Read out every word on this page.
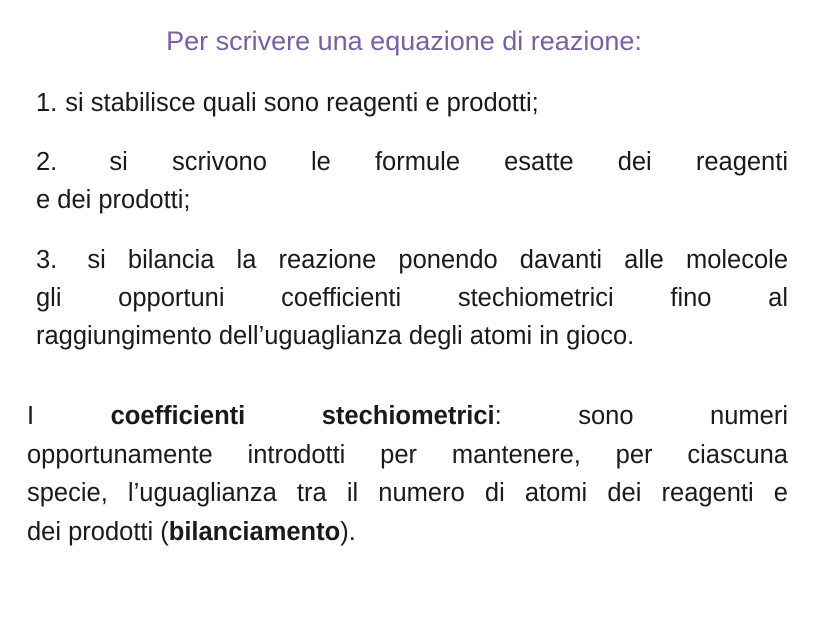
Per scrivere una equazione di reazione:
1. si stabilisce quali sono reagenti e prodotti;
2. si scrivono le formule esatte dei reagenti
e dei prodotti;
3. si bilancia la reazione ponendo davanti alle molecole
gli opportuni coefficienti stechiometrici fino al
raggiungimento dell’uguaglianza degli atomi in gioco.
I	coefficienti stechiometrici: sono numeri
opportunamente introdotti per mantenere, per ciascuna
specie, l’uguaglianza tra il numero di atomi dei reagenti e
dei prodotti (bilanciamento).
